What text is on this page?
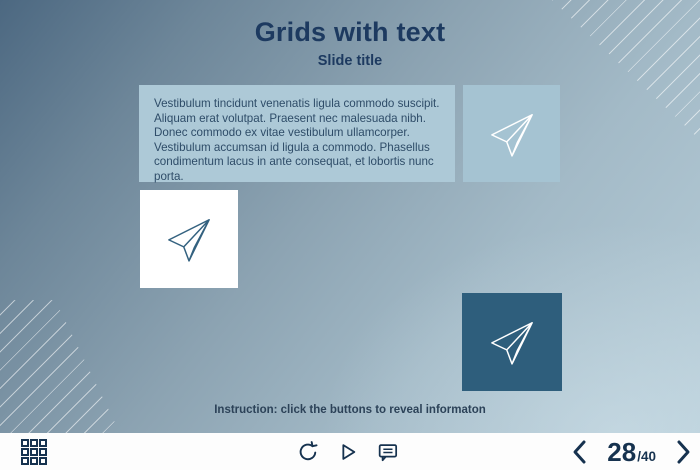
Grids with text
Slide title

Vestibulum tincidunt venenatis ligula commodo suscipit. Aliquam erat volutpat. Praesent nec malesuada nibh. Donec commodo ex vitae vestibulum ullamcorper. Vestibulum accumsan id ligula a commodo. Phasellus condimentum lacus in ante consequat, et lobortis nunc porta.

Instruction: click the buttons to reveal informaton
28 /40
